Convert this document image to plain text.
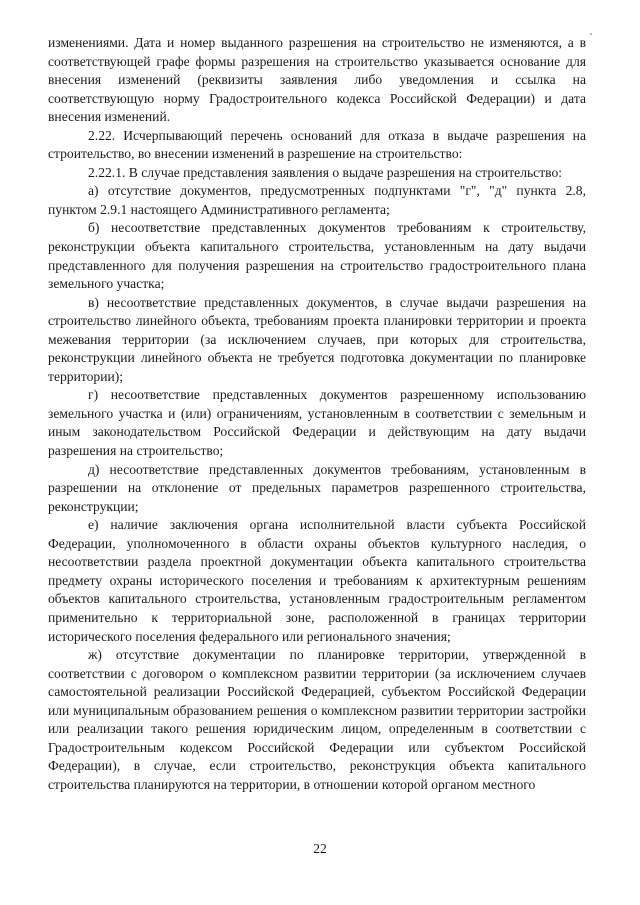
изменениями. Дата и номер выданного разрешения на строительство не изменяются, а в соответствующей графе формы разрешения на строительство указывается основание для внесения изменений (реквизиты заявления либо уведомления и ссылка на соответствующую норму Градостроительного кодекса Российской Федерации) и дата внесения изменений.

2.22. Исчерпывающий перечень оснований для отказа в выдаче разрешения на строительство, во внесении изменений в разрешение на строительство:

2.22.1. В случае представления заявления о выдаче разрешения на строительство:

а) отсутствие документов, предусмотренных подпунктами "г", "д" пункта 2.8, пунктом 2.9.1 настоящего Административного регламента;

б) несоответствие представленных документов требованиям к строительству, реконструкции объекта капитального строительства, установленным на дату выдачи представленного для получения разрешения на строительство градостроительного плана земельного участка;

в) несоответствие представленных документов, в случае выдачи разрешения на строительство линейного объекта, требованиям проекта планировки территории и проекта межевания территории (за исключением случаев, при которых для строительства, реконструкции линейного объекта не требуется подготовка документации по планировке территории);

г) несоответствие представленных документов разрешенному использованию земельного участка и (или) ограничениям, установленным в соответствии с земельным и иным законодательством Российской Федерации и действующим на дату выдачи разрешения на строительство;

д) несоответствие представленных документов требованиям, установленным в разрешении на отклонение от предельных параметров разрешенного строительства, реконструкции;

е) наличие заключения органа исполнительной власти субъекта Российской Федерации, уполномоченного в области охраны объектов культурного наследия, о несоответствии раздела проектной документации объекта капитального строительства предмету охраны исторического поселения и требованиям к архитектурным решениям объектов капитального строительства, установленным градостроительным регламентом применительно к территориальной зоне, расположенной в границах территории исторического поселения федерального или регионального значения;

ж) отсутствие документации по планировке территории, утвержденной в соответствии с договором о комплексном развитии территории (за исключением случаев самостоятельной реализации Российской Федерацией, субъектом Российской Федерации или муниципальным образованием решения о комплексном развитии территории застройки или реализации такого решения юридическим лицом, определенным в соответствии с Градостроительным кодексом Российской Федерации или субъектом Российской Федерации), в случае, если строительство, реконструкция объекта капитального строительства планируются на территории, в отношении которой органом местного

22
